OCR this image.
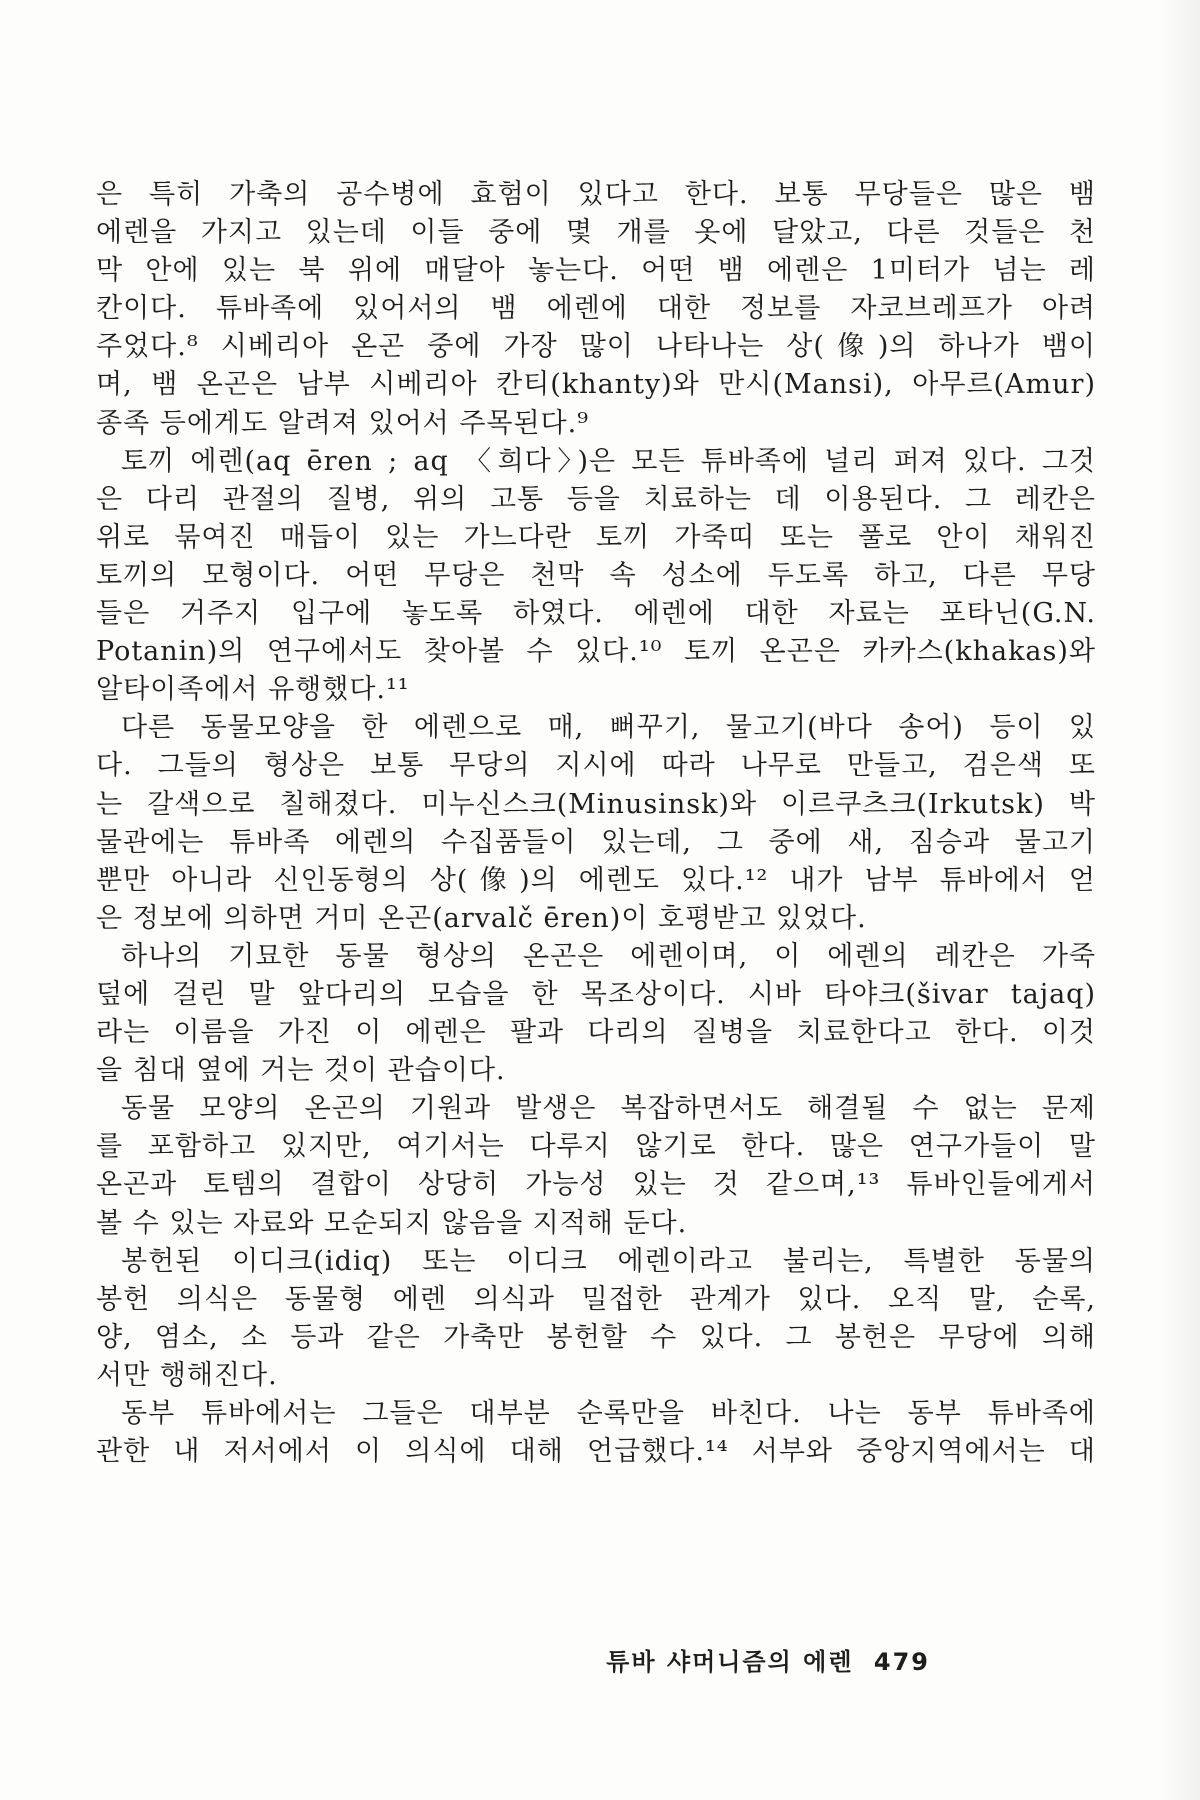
은 특히 가축의 공수병에 효험이 있다고 한다. 보통 무당들은 많은 뱀
에렌을 가지고 있는데 이들 중에 몇 개를 옷에 달았고, 다른 것들은 천
막 안에 있는 북 위에 매달아 놓는다. 어떤 뱀 에렌은 1미터가 넘는 레
칸이다. 튜바족에 있어서의 뱀 에렌에 대한 정보를 자코브레프가 아려
주었다.⁸ 시베리아 온곤 중에 가장 많이 나타나는 상(像)의 하나가 뱀이
며, 뱀 온곤은 남부 시베리아 칸티(khanty)와 만시(Mansi), 아무르(Amur)
종족 등에게도 알려져 있어서 주목된다.⁹
토끼 에렌(aq ēren ; aq 〈희다〉)은 모든 튜바족에 널리 퍼져 있다. 그것
은 다리 관절의 질병, 위의 고통 등을 치료하는 데 이용된다. 그 레칸은
위로 묶여진 매듭이 있는 가느다란 토끼 가죽띠 또는 풀로 안이 채워진
토끼의 모형이다. 어떤 무당은 천막 속 성소에 두도록 하고, 다른 무당
들은 거주지 입구에 놓도록 하였다. 에렌에 대한 자료는 포타닌(G.N.
Potanin)의 연구에서도 찾아볼 수 있다.¹⁰ 토끼 온곤은 카카스(khakas)와
알타이족에서 유행했다.¹¹
다른 동물모양을 한 에렌으로 매, 뻐꾸기, 물고기(바다 송어) 등이 있
다. 그들의 형상은 보통 무당의 지시에 따라 나무로 만들고, 검은색 또
는 갈색으로 칠해졌다. 미누신스크(Minusinsk)와 이르쿠츠크(Irkutsk) 박
물관에는 튜바족 에렌의 수집품들이 있는데, 그 중에 새, 짐승과 물고기
뿐만 아니라 신인동형의 상(像)의 에렌도 있다.¹² 내가 남부 튜바에서 얻
은 정보에 의하면 거미 온곤(arvalč ēren)이 호평받고 있었다.
하나의 기묘한 동물 형상의 온곤은 에렌이며, 이 에렌의 레칸은 가죽
덮에 걸린 말 앞다리의 모습을 한 목조상이다. 시바 타야크(šivar tajaq)
라는 이름을 가진 이 에렌은 팔과 다리의 질병을 치료한다고 한다. 이것
을 침대 옆에 거는 것이 관습이다.
동물 모양의 온곤의 기원과 발생은 복잡하면서도 해결될 수 없는 문제
를 포함하고 있지만, 여기서는 다루지 않기로 한다. 많은 연구가들이 말
온곤과 토템의 결합이 상당히 가능성 있는 것 같으며,¹³ 튜바인들에게서
볼 수 있는 자료와 모순되지 않음을 지적해 둔다.
봉헌된 이디크(idiq) 또는 이디크 에렌이라고 불리는, 특별한 동물의
봉헌 의식은 동물형 에렌 의식과 밀접한 관계가 있다. 오직 말, 순록,
양, 염소, 소 등과 같은 가축만 봉헌할 수 있다. 그 봉헌은 무당에 의해
서만 행해진다.
동부 튜바에서는 그들은 대부분 순록만을 바친다. 나는 동부 튜바족에
관한 내 저서에서 이 의식에 대해 언급했다.¹⁴ 서부와 중앙지역에서는 대
튜바 샤머니즘의 에렌 479
